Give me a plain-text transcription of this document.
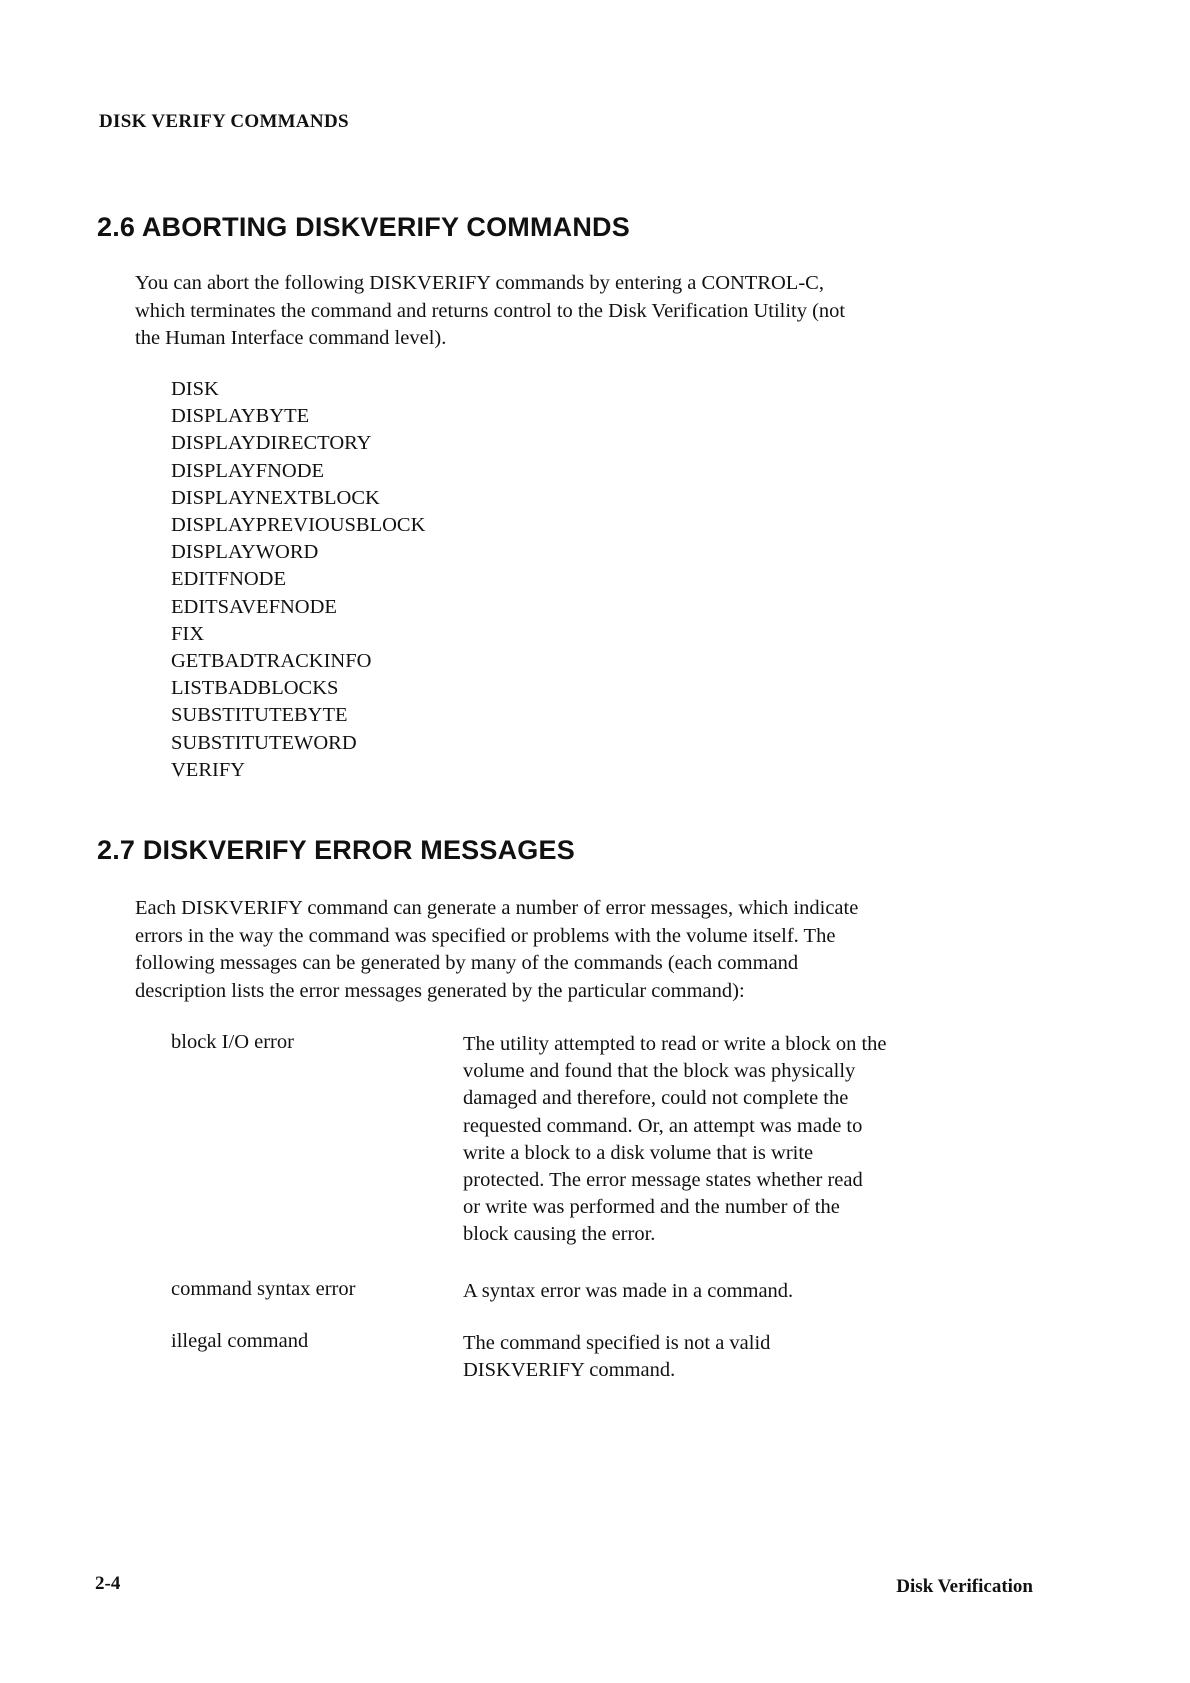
DISK VERIFY COMMANDS
2.6 ABORTING DISKVERIFY COMMANDS
You can abort the following DISKVERIFY commands by entering a CONTROL-C,
which terminates the command and returns control to the Disk Verification Utility (not
the Human Interface command level).
DISK
DISPLAYBYTE
DISPLAYDIRECTORY
DISPLAYFNODE
DISPLAYNEXTBLOCK
DISPLAYPREVIOUSBLOCK
DISPLAYWORD
EDITFNODE
EDITSAVEFNODE
FIX
GETBADTRACKINFO
LISTBADBLOCKS
SUBSTITUTEBYTE
SUBSTITUTEWORD
VERIFY
2.7 DISKVERIFY ERROR MESSAGES
Each DISKVERIFY command can generate a number of error messages, which indicate
errors in the way the command was specified or problems with the volume itself. The
following messages can be generated by many of the commands (each command
description lists the error messages generated by the particular command):
block I/O error	The utility attempted to read or write a block on the
volume and found that the block was physically
damaged and therefore, could not complete the
requested command. Or, an attempt was made to
write a block to a disk volume that is write
protected. The error message states whether read
or write was performed and the number of the
block causing the error.
command syntax error	A syntax error was made in a command.
illegal command	The command specified is not a valid
DISKVERIFY command.
2-4	Disk Verification
